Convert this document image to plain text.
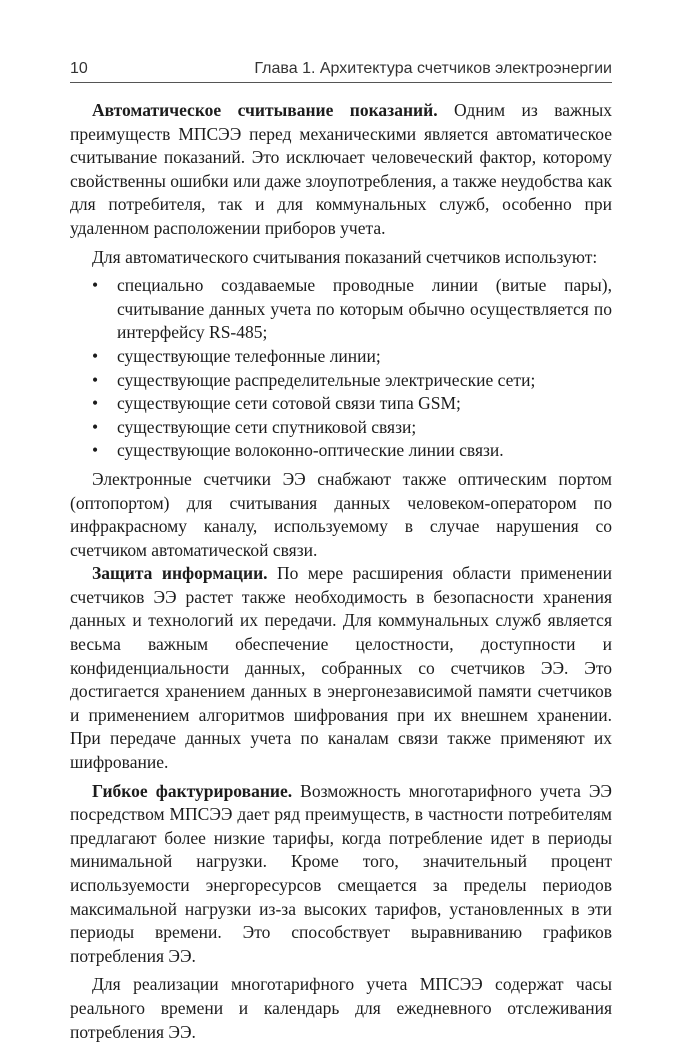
10	Глава 1. Архитектура счетчиков электроэнергии

Автоматическое считывание показаний. Одним из важных преимуществ МПСЭЭ перед механическими является автоматическое считывание показаний. Это исключает человеческий фактор, которому свойственны ошибки или даже злоупотребления, а также неудобства как для потребителя, так и для коммунальных служб, особенно при удаленном расположении приборов учета.

Для автоматического считывания показаний счетчиков используют:

• специально создаваемые проводные линии (витые пары), считывание данных учета по которым обычно осуществляется по интерфейсу RS-485;
• существующие телефонные линии;
• существующие распределительные электрические сети;
• существующие сети сотовой связи типа GSM;
• существующие сети спутниковой связи;
• существующие волоконно-оптические линии связи.

Электронные счетчики ЭЭ снабжают также оптическим портом (оптопортом) для считывания данных человеком-оператором по инфракрасному каналу, используемому в случае нарушения со счетчиком автоматической связи.

Защита информации. По мере расширения области применении счетчиков ЭЭ растет также необходимость в безопасности хранения данных и технологий их передачи. Для коммунальных служб является весьма важным обеспечение целостности, доступности и конфиденциальности данных, собранных со счетчиков ЭЭ. Это достигается хранением данных в энергонезависимой памяти счетчиков и применением алгоритмов шифрования при их внешнем хранении. При передаче данных учета по каналам связи также применяют их шифрование.

Гибкое фактурирование. Возможность многотарифного учета ЭЭ посредством МПСЭЭ дает ряд преимуществ, в частности потребителям предлагают более низкие тарифы, когда потребление идет в периоды минимальной нагрузки. Кроме того, значительный процент используемости энергоресурсов смещается за пределы периодов максимальной нагрузки из-за высоких тарифов, установленных в эти периоды времени. Это способствует выравниванию графиков потребления ЭЭ.

Для реализации многотарифного учета МПСЭЭ содержат часы реального времени и календарь для ежедневного отслеживания потребления ЭЭ.
